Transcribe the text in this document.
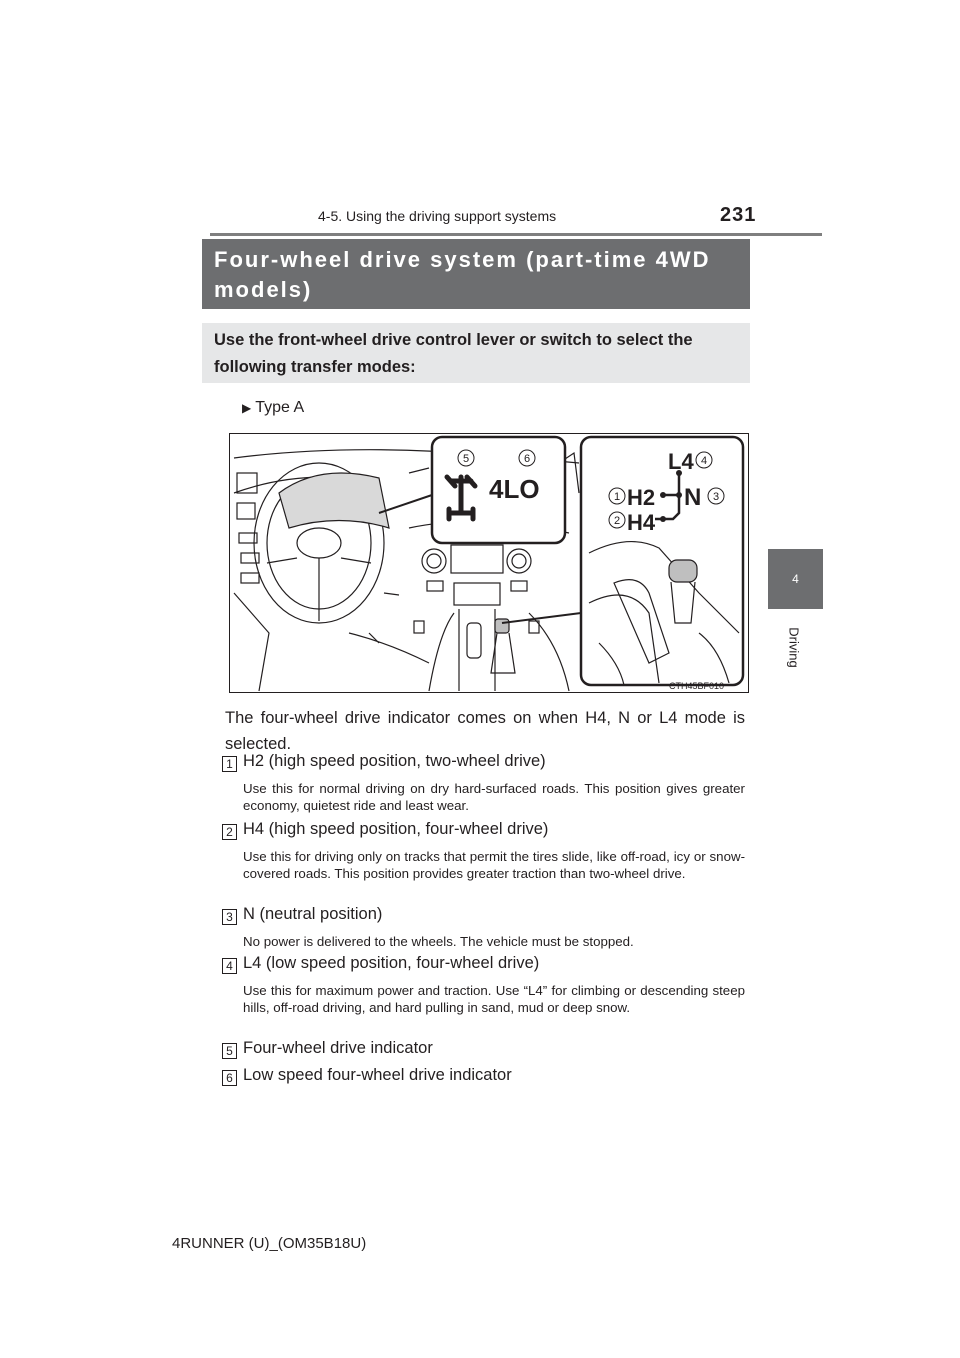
4-5. Using the driving support systems	231
4
Driving
Four-wheel drive system (part-time 4WD models)
Use the front-wheel drive control lever or switch to select the following transfer modes:
▶ Type A
4LO
L4
H2
H4
N
5	6	4
1	3
2
CTH45BF010
The four-wheel drive indicator comes on when H4, N or L4 mode is selected.
1 H2 (high speed position, two-wheel drive)
Use this for normal driving on dry hard-surfaced roads. This position gives greater economy, quietest ride and least wear.
2 H4 (high speed position, four-wheel drive)
Use this for driving only on tracks that permit the tires slide, like off-road, icy or snow-covered roads. This position provides greater traction than two-wheel drive.
3 N (neutral position)
No power is delivered to the wheels. The vehicle must be stopped.
4 L4 (low speed position, four-wheel drive)
Use this for maximum power and traction. Use “L4” for climbing or descending steep hills, off-road driving, and hard pulling in sand, mud or deep snow.
5 Four-wheel drive indicator
6 Low speed four-wheel drive indicator
4RUNNER (U)_(OM35B18U)
